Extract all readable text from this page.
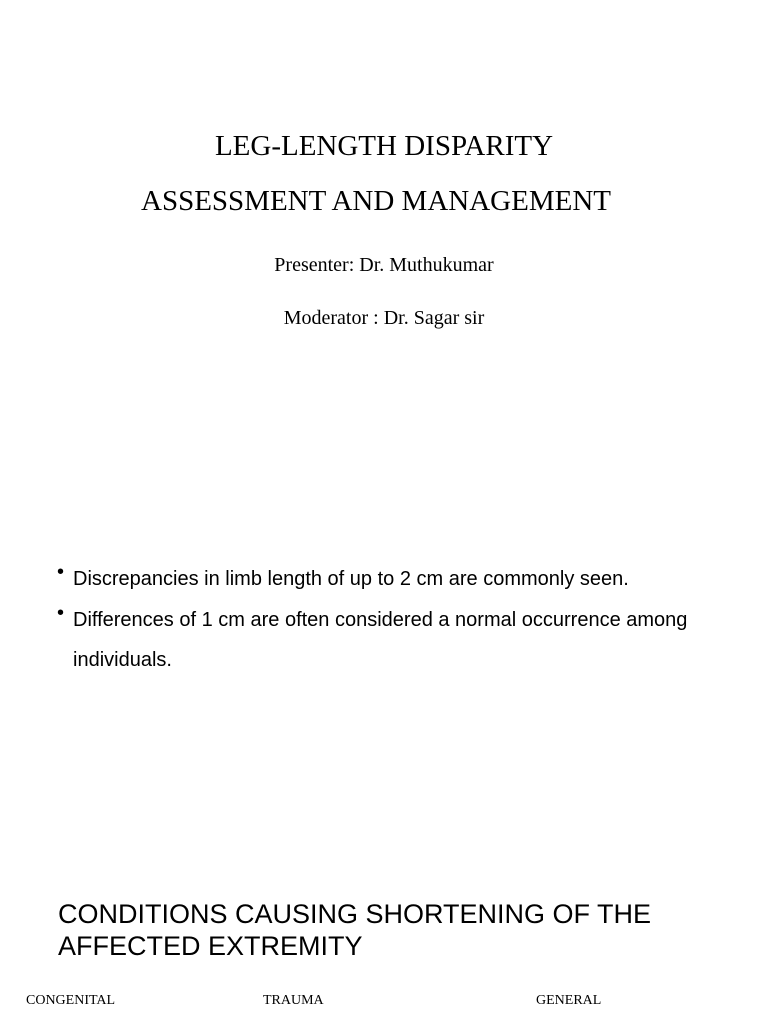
LEG-LENGTH DISPARITY
ASSESSMENT AND MANAGEMENT
Presenter: Dr. Muthukumar
Moderator : Dr. Sagar sir
• Discrepancies in limb length of up to 2 cm are commonly seen.
• Differences of 1 cm are often considered a normal occurrence among individuals.
CONDITIONS CAUSING SHORTENING OF THE AFFECTED EXTREMITY
CONGENITAL	TRAUMA	GENERAL
